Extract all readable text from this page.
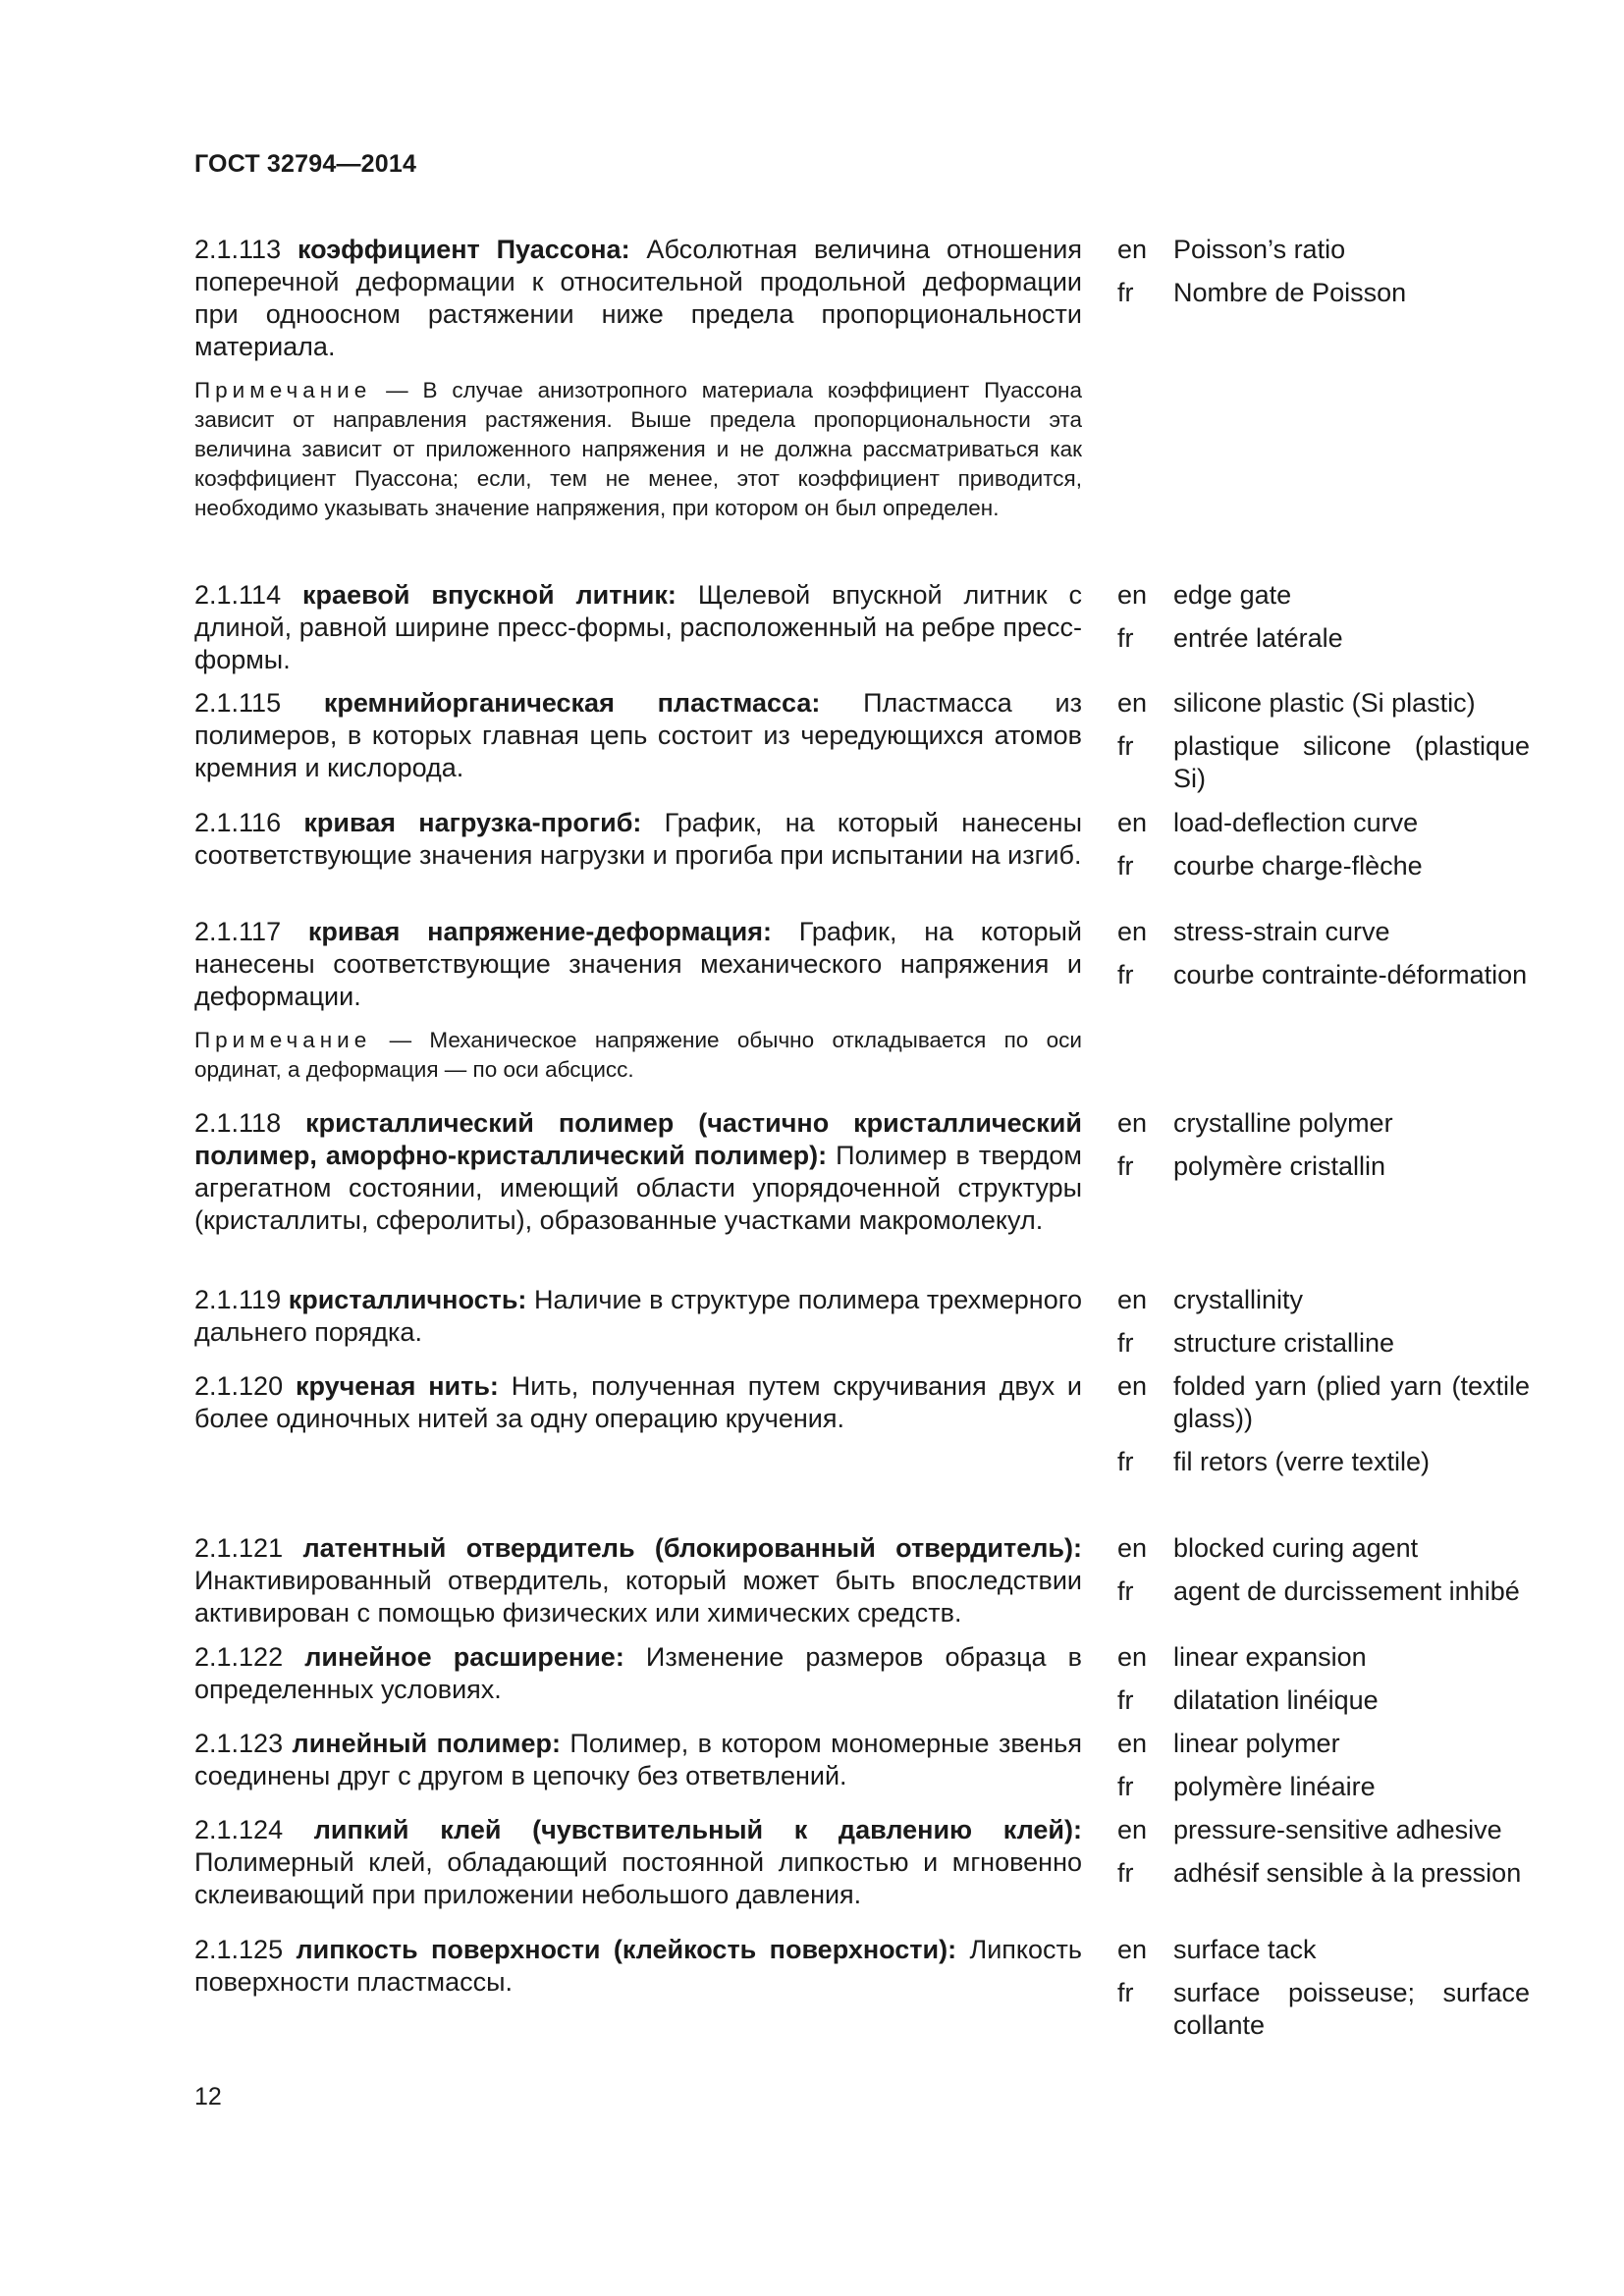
ГОСТ 32794—2014

2.1.113 коэффициент Пуассона: Абсолютная величина отношения поперечной деформации к относительной продольной деформации при одноосном растяжении ниже предела пропорциональности материала.

Примечание — В случае анизотропного материала коэффициент Пуассона зависит от направления растяжения. Выше предела пропорциональности эта величина зависит от приложенного напряжения и не должна рассматриваться как коэффициент Пуассона; если, тем не менее, этот коэффициент приводится, необходимо указывать значение напряжения, при котором он был определен.

en Poisson’s ratio
fr	Nombre de Poisson

2.1.114 краевой впускной литник: Щелевой впускной литник с длиной, равной ширине пресс-формы, расположенный на ребре пресс-формы.

en edge gate
fr	entrée latérale

2.1.115 кремнийорганическая пластмасса: Пластмасса из полимеров, в которых главная цепь состоит из чередующихся атомов кремния и кислорода.

en silicone plastic (Si plastic)
fr	plastique silicone (plastique Si)

2.1.116 кривая нагрузка-прогиб: График, на который нанесены соответствующие значения нагрузки и прогиба при испытании на изгиб.

en load-deflection curve
fr	courbe charge-flèche

2.1.117 кривая напряжение-деформация: График, на который нанесены соответствующие значения механического напряжения и деформации.

Примечание — Механическое напряжение обычно откладывается по оси ординат, а деформация — по оси абсцисс.

en stress-strain curve
fr	courbe contrainte-déformation

2.1.118 кристаллический полимер (частично кристаллический полимер, аморфно-кристаллический полимер): Полимер в твердом агрегатном состоянии, имеющий области упорядоченной структуры (кристаллиты, сферолиты), образованные участками макромолекул.

en crystalline polymer
fr	polymère cristallin

2.1.119 кристалличность: Наличие в структуре полимера трехмерного дальнего порядка.

en crystallinity
fr	structure cristalline

2.1.120 крученая нить: Нить, полученная путем скручивания двух и более одиночных нитей за одну операцию кручения.

en folded yarn (plied yarn (textile glass))
fr	fil retors (verre textile)

2.1.121 латентный отвердитель (блокированный отвердитель): Инактивированный отвердитель, который может быть впоследствии активирован с помощью физических или химических средств.

en blocked curing agent
fr	agent de durcissement inhibé

2.1.122 линейное расширение: Изменение размеров образца в определенных условиях.

en linear expansion
fr	dilatation linéique

2.1.123 линейный полимер: Полимер, в котором мономерные звенья соединены друг с другом в цепочку без ответвлений.

en linear polymer
fr	polymère linéaire

2.1.124 липкий клей (чувствительный к давлению клей): Полимерный клей, обладающий постоянной липкостью и мгновенно склеивающий при приложении небольшого давления.

en pressure-sensitive adhesive
fr	adhésif sensible à la pression

2.1.125 липкость поверхности (клейкость поверхности): Липкость поверхности пластмассы.

en surface tack
fr	surface poisseuse; surface collante
12
